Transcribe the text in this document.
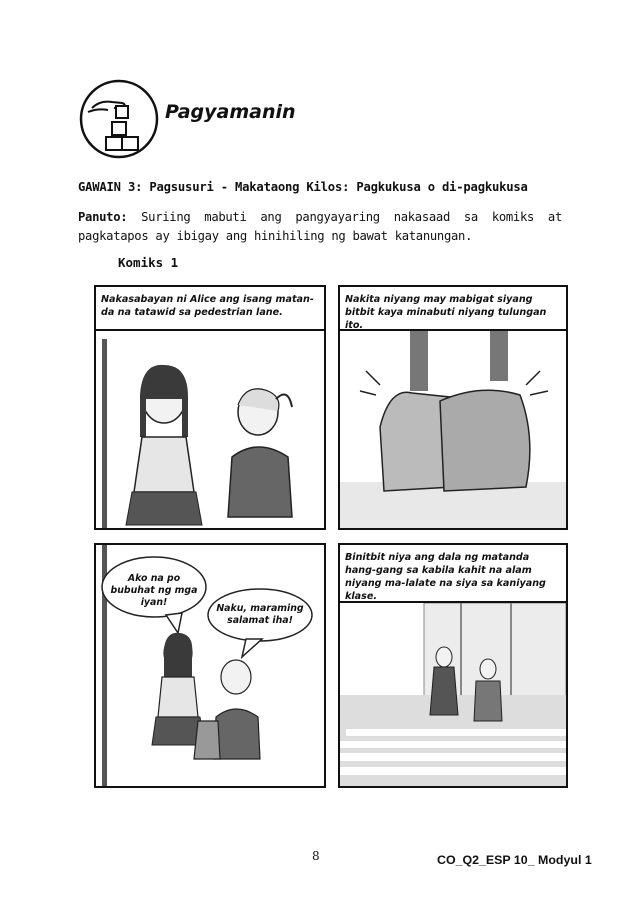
Pagyamanin
GAWAIN 3: Pagsusuri - Makataong Kilos: Pagkukusa o di-pagkukusa
Panuto: Suriing mabuti ang pangyayaring nakasaad sa komiks at pagkatapos ay ibigay ang hinihiling ng bawat katanungan.
Komiks 1
Nakasabayan ni Alice ang isang matan-da na tatawid sa pedestrian lane.
Nakita niyang may mabigat siyang bitbit kaya minabuti niyang tulungan ito.
Ako na po bubuhat ng mga iyan!
Naku, maraming salamat iha!
Binitbit niya ang dala ng matanda hang-gang sa kabila kahit na alam niyang ma-lalate na siya sa kaniyang klase.
8	CO_Q2_ESP 10_ Modyul 1
